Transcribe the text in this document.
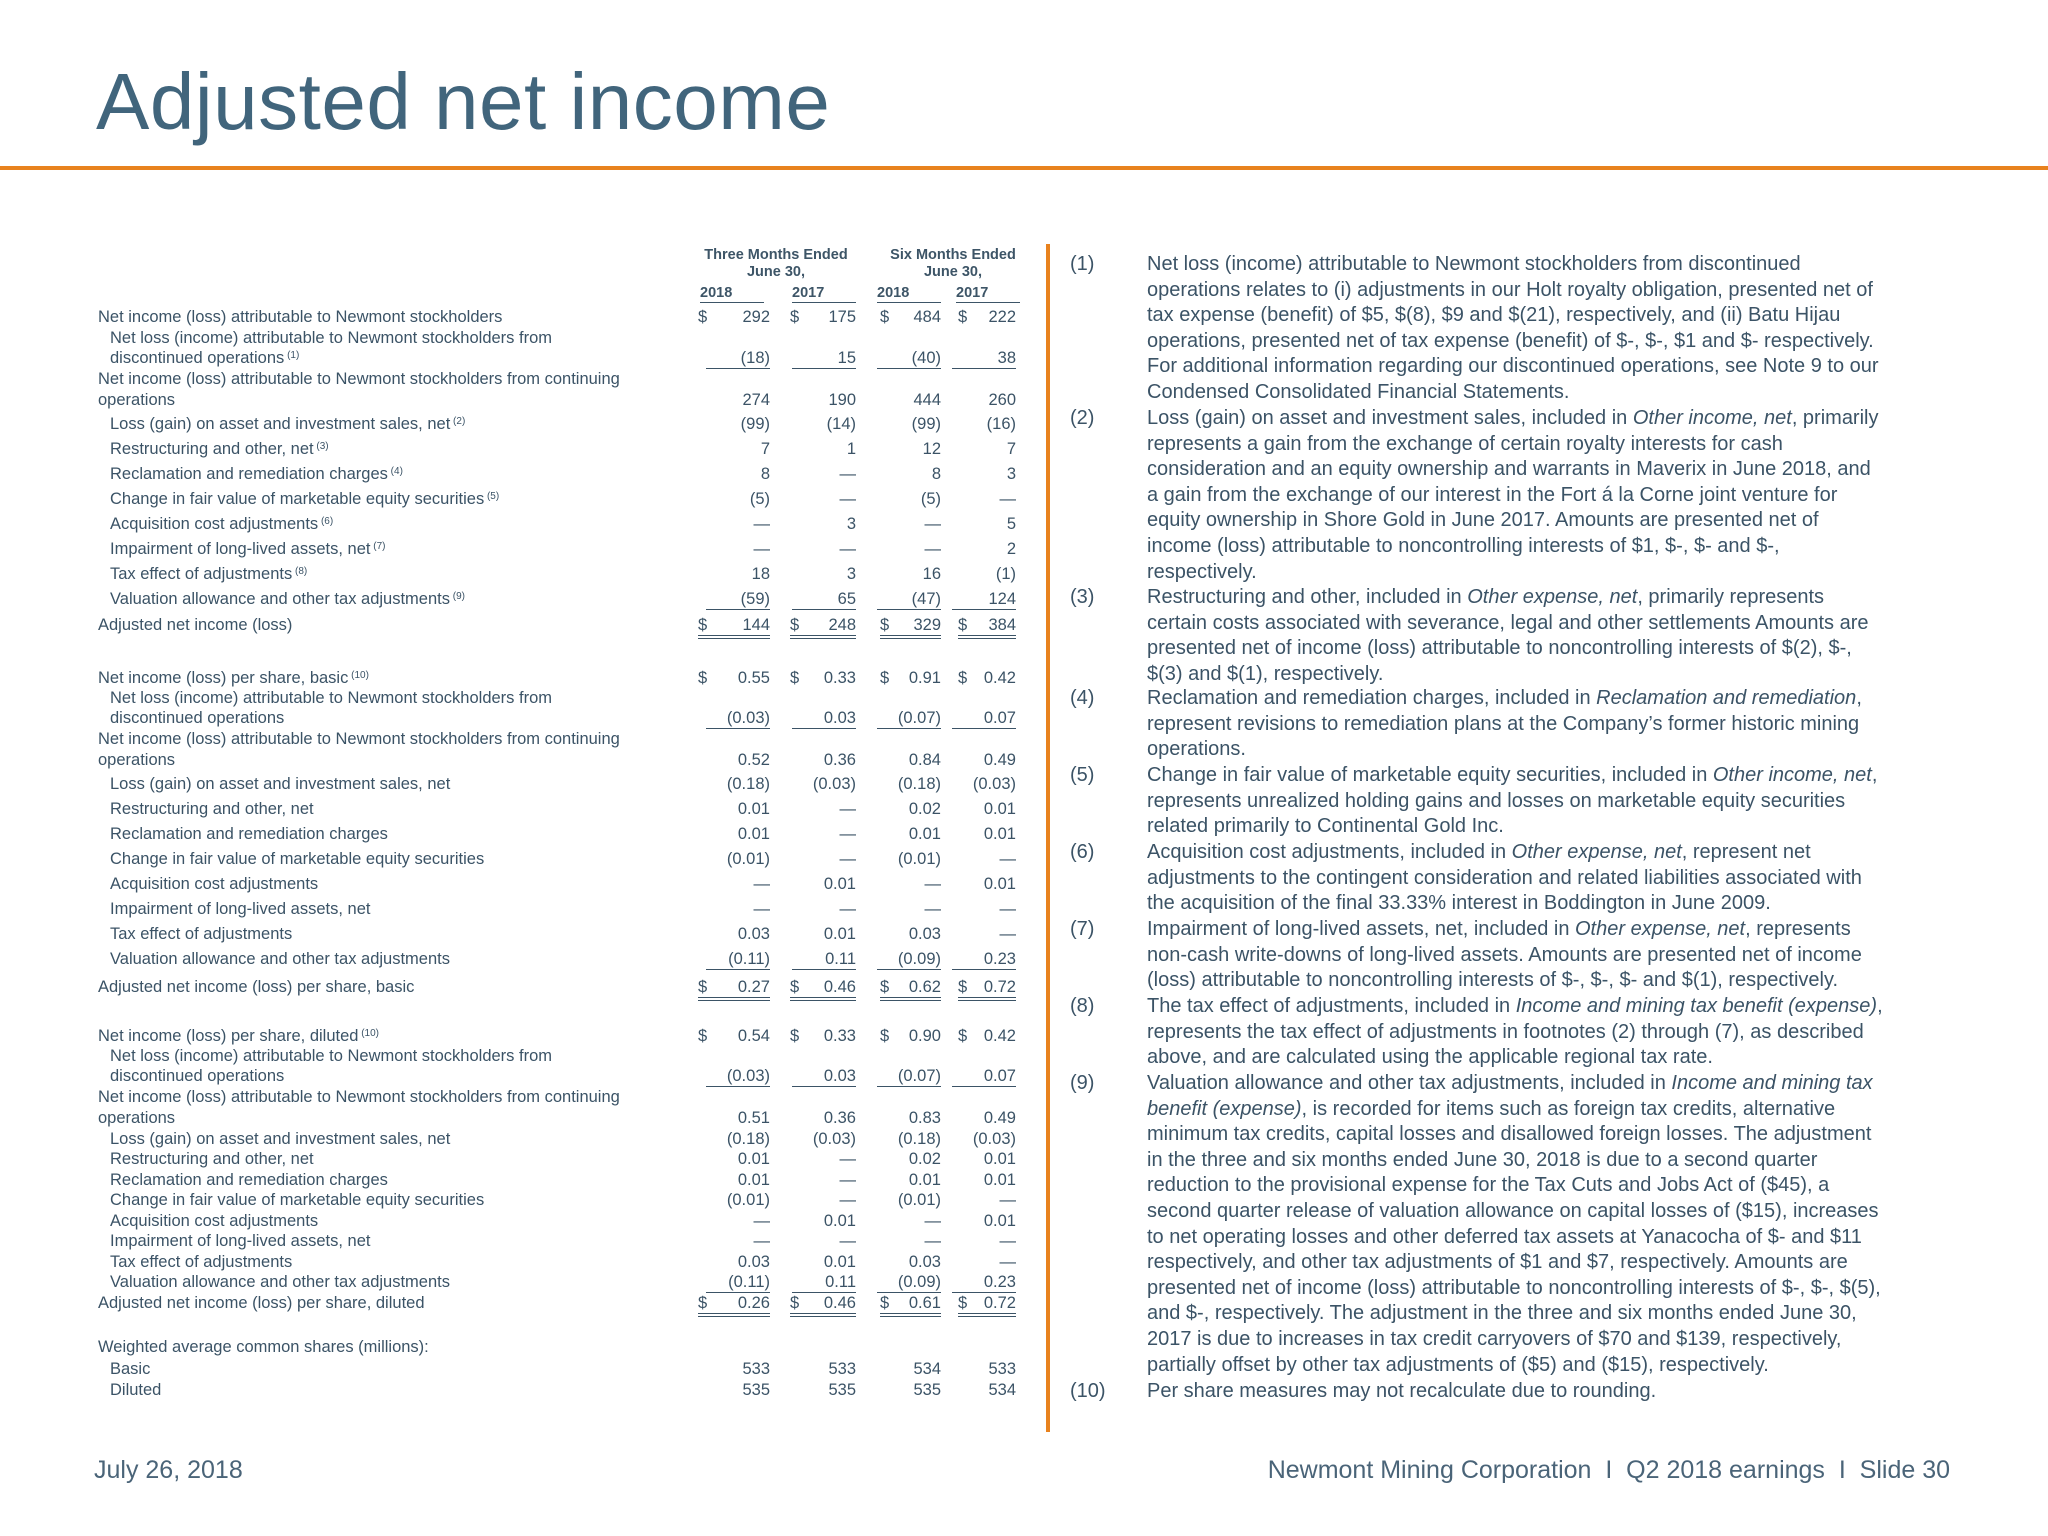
Adjusted net income
Three Months Ended June 30,
Six Months Ended June 30,
2018	2017	2018	2017
Net income (loss) attributable to Newmont stockholders	$	292 $	175 $	484 $	222
Net loss (income) attributable to Newmont stockholders from
discontinued operations $^{(1)}$	(18)	15	(40)	38
Net income (loss) attributable to Newmont stockholders from continuing
operations	274	190	444	260
Loss (gain) on asset and investment sales, net $^{(2)}$	(99)	(14)	(99)	(16)
Restructuring and other, net $^{(3)}$	7	1	12	7
Reclamation and remediation charges $^{(4)}$	8	—	8	3
Change in fair value of marketable equity securities $^{(5)}$	(5)	—	(5)	—
Acquisition cost adjustments $^{(6)}$	—	3	—	5
Impairment of long-lived assets, net $^{(7)}$	—	—	—	2
Tax effect of adjustments $^{(8)}$	18	3	16	(1)
Valuation allowance and other tax adjustments $^{(9)}$	(59)	65	(47)	124
Adjusted net income (loss)	$	144 $	248 $	329 $	384
Net income (loss) per share, basic $^{(10)}$	$	0.55 $	0.33 $	0.91 $	0.42
Net loss (income) attributable to Newmont stockholders from
discontinued operations	(0.03)	0.03	(0.07)	0.07
Net income (loss) attributable to Newmont stockholders from continuing
operations	0.52	0.36	0.84	0.49
Loss (gain) on asset and investment sales, net	(0.18)	(0.03)	(0.18)	(0.03)
Restructuring and other, net	0.01	—	0.02	0.01
Reclamation and remediation charges	0.01	—	0.01	0.01
Change in fair value of marketable equity securities	(0.01)	—	(0.01)	—
Acquisition cost adjustments	—	0.01	—	0.01
Impairment of long-lived assets, net	—	—	—	—
Tax effect of adjustments	0.03	0.01	0.03	—
Valuation allowance and other tax adjustments	(0.11)	0.11	(0.09)	0.23
Adjusted net income (loss) per share, basic	$	0.27 $	0.46 $	0.62 $	0.72
Net income (loss) per share, diluted $^{(10)}$	$	0.54 $	0.33 $	0.90 $	0.42
Net loss (income) attributable to Newmont stockholders from
discontinued operations	(0.03)	0.03	(0.07)	0.07
Net income (loss) attributable to Newmont stockholders from continuing
operations	0.51	0.36	0.83	0.49
Loss (gain) on asset and investment sales, net	(0.18)	(0.03)	(0.18)	(0.03)
Restructuring and other, net	0.01	—	0.02	0.01
Reclamation and remediation charges	0.01	—	0.01	0.01
Change in fair value of marketable equity securities	(0.01)	—	(0.01)	—
Acquisition cost adjustments	—	0.01	—	0.01
Impairment of long-lived assets, net	—	—	—	—
Tax effect of adjustments	0.03	0.01	0.03	—
Valuation allowance and other tax adjustments	(0.11)	0.11	(0.09)	0.23
Adjusted net income (loss) per share, diluted	$	0.26 $	0.46 $	0.61 $	0.72
Weighted average common shares (millions):
Basic	533	533	534	533
Diluted	535	535	535	534
(1)	Net loss (income) attributable to Newmont stockholders from discontinued
operations relates to (i) adjustments in our Holt royalty obligation, presented net of
tax expense (benefit) of $5, $(8), $9 and $(21), respectively, and (ii) Batu Hijau
operations, presented net of tax expense (benefit) of $-, $-, $1 and $- respectively.
For additional information regarding our discontinued operations, see Note 9 to our
Condensed Consolidated Financial Statements.
(2)	Loss (gain) on asset and investment sales, included in Other income, net, primarily
represents a gain from the exchange of certain royalty interests for cash
consideration and an equity ownership and warrants in Maverix in June 2018, and
a gain from the exchange of our interest in the Fort á la Corne joint venture for
equity ownership in Shore Gold in June 2017. Amounts are presented net of
income (loss) attributable to noncontrolling interests of $1, $-, $- and $-,
respectively.
(3)	Restructuring and other, included in Other expense, net, primarily represents
certain costs associated with severance, legal and other settlements Amounts are
presented net of income (loss) attributable to noncontrolling interests of $(2), $-,
$(3) and $(1), respectively.
(4)	Reclamation and remediation charges, included in Reclamation and remediation,
represent revisions to remediation plans at the Company’s former historic mining
operations.
(5)	Change in fair value of marketable equity securities, included in Other income, net,
represents unrealized holding gains and losses on marketable equity securities
related primarily to Continental Gold Inc.
(6)	Acquisition cost adjustments, included in Other expense, net, represent net
adjustments to the contingent consideration and related liabilities associated with
the acquisition of the final 33.33% interest in Boddington in June 2009.
(7)	Impairment of long-lived assets, net, included in Other expense, net, represents
non-cash write-downs of long-lived assets. Amounts are presented net of income
(loss) attributable to noncontrolling interests of $-, $-, $- and $(1), respectively.
(8)	The tax effect of adjustments, included in Income and mining tax benefit (expense),
represents the tax effect of adjustments in footnotes (2) through (7), as described
above, and are calculated using the applicable regional tax rate.
(9)	Valuation allowance and other tax adjustments, included in Income and mining tax
benefit (expense), is recorded for items such as foreign tax credits, alternative
minimum tax credits, capital losses and disallowed foreign losses. The adjustment
in the three and six months ended June 30, 2018 is due to a second quarter
reduction to the provisional expense for the Tax Cuts and Jobs Act of ($45), a
second quarter release of valuation allowance on capital losses of ($15), increases
to net operating losses and other deferred tax assets at Yanacocha of $- and $11
respectively, and other tax adjustments of $1 and $7, respectively. Amounts are
presented net of income (loss) attributable to noncontrolling interests of $-, $-, $(5),
and $-, respectively. The adjustment in the three and six months ended June 30,
2017 is due to increases in tax credit carryovers of $70 and $139, respectively,
partially offset by other tax adjustments of ($5) and ($15), respectively.
(10) Per share measures may not recalculate due to rounding.
July 26, 2018	Newmont Mining Corporation  I  Q2 2018 earnings  I  Slide 30
